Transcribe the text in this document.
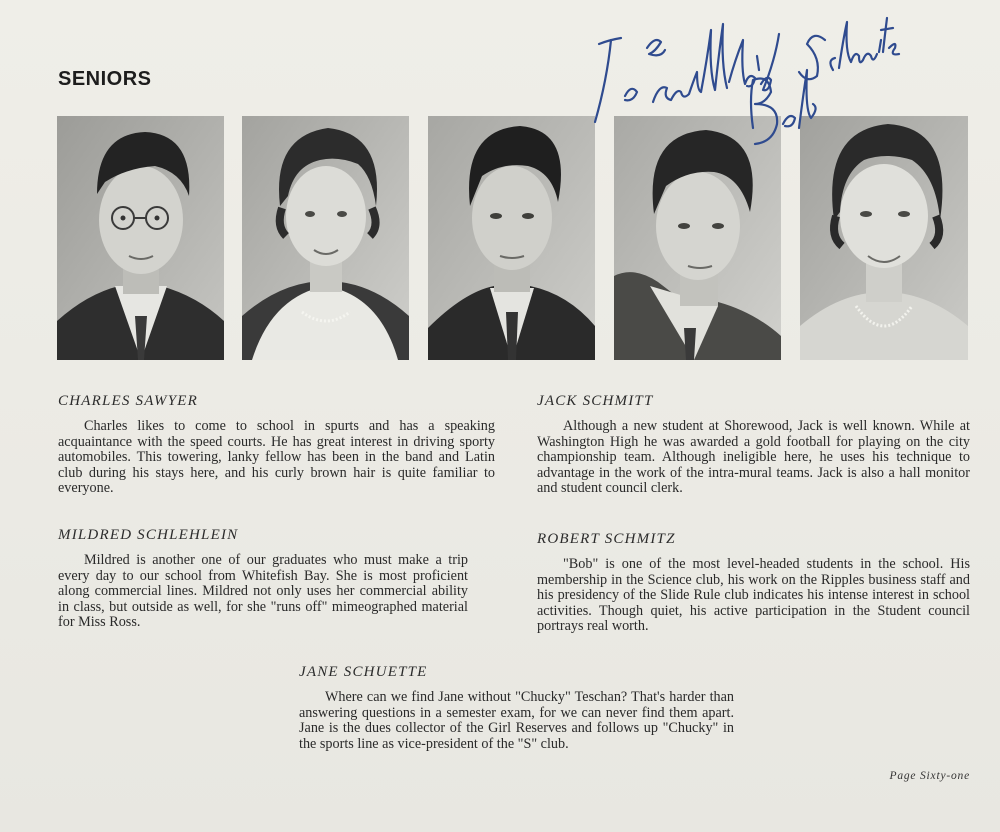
SENIORS
CHARLES SAWYER
Charles likes to come to school in spurts and has a speaking acquaintance with the speed courts. He has great interest in driving sporty automobiles. This towering, lanky fellow has been in the band and Latin club during his stays here, and his curly brown hair is quite familiar to everyone.
MILDRED SCHLEHLEIN
Mildred is another one of our graduates who must make a trip every day to our school from Whitefish Bay. She is most proficient along commercial lines. Mildred not only uses her commercial ability in class, but outside as well, for she "runs off" mimeographed material for Miss Ross.
JACK SCHMITT
Although a new student at Shorewood, Jack is well known. While at Washington High he was awarded a gold football for playing on the city championship team. Although ineligible here, he uses his technique to advantage in the work of the intra-mural teams. Jack is also a hall monitor and student council clerk.
ROBERT SCHMITZ
"Bob" is one of the most level-headed students in the school. His membership in the Science club, his work on the Ripples business staff and his presidency of the Slide Rule club indicates his intense interest in school activities. Though quiet, his active participation in the Student council portrays real worth.
JANE SCHUETTE
Where can we find Jane without "Chucky" Teschan? That's harder than answering questions in a semester exam, for we can never find them apart. Jane is the dues collector of the Girl Reserves and follows up "Chucky" in the sports line as vice-president of the "S" club.
Page Sixty-one
